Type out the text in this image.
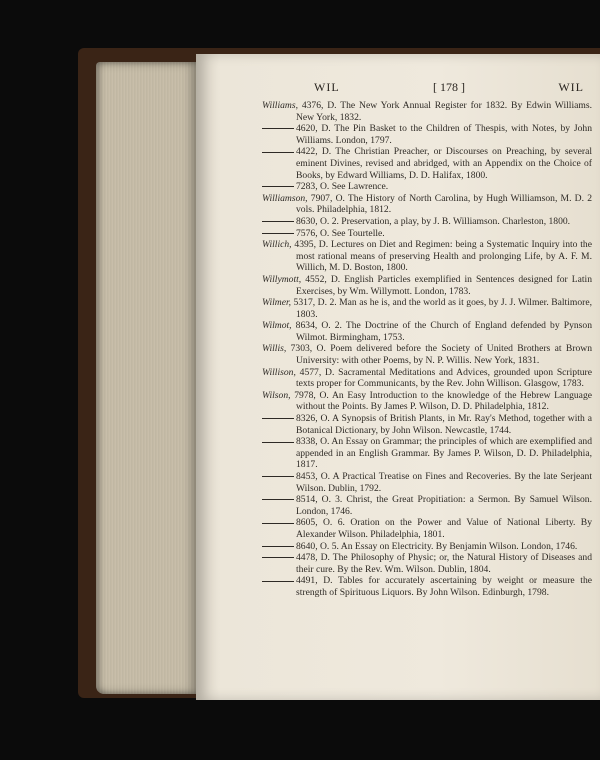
WIL	[ 178 ]	WIL

Williams, 4376, D. The New York Annual Register for 1832. By Edwin Williams. New York, 1832.

4620, D. The Pin Basket to the Children of Thespis, with Notes, by John Williams. London, 1797.

4422, D. The Christian Preacher, or Discourses on Preaching, by several eminent Divines, revised and abridged, with an Appendix on the Choice of Books, by Edward Williams, D. D. Halifax, 1800.

7283, O. See Lawrence.

Williamson, 7907, O. The History of North Carolina, by Hugh Williamson, M. D. 2 vols. Philadelphia, 1812.

8630, O. 2. Preservation, a play, by J. B. Williamson. Charleston, 1800.

7576, O. See Tourtelle.

Willich, 4395, D. Lectures on Diet and Regimen: being a Systematic Inquiry into the most rational means of preserving Health and prolonging Life, by A. F. M. Willich, M. D. Boston, 1800.

Willymott, 4552, D. English Particles exemplified in Sentences designed for Latin Exercises, by Wm. Willymott. London, 1783.

Wilmer, 5317, D. 2. Man as he is, and the world as it goes, by J. J. Wilmer. Baltimore, 1803.

Wilmot, 8634, O. 2. The Doctrine of the Church of England defended by Pynson Wilmot. Birmingham, 1753.

Willis, 7303, O. Poem delivered before the Society of United Brothers at Brown University: with other Poems, by N. P. Willis. New York, 1831.

Willison, 4577, D. Sacramental Meditations and Advices, grounded upon Scripture texts proper for Communicants, by the Rev. John Willison. Glasgow, 1783.

Wilson, 7978, O. An Easy Introduction to the knowledge of the Hebrew Language without the Points. By James P. Wilson, D. D. Philadelphia, 1812.

8326, O. A Synopsis of British Plants, in Mr. Ray's Method, together with a Botanical Dictionary, by John Wilson. Newcastle, 1744.

8338, O. An Essay on Grammar; the principles of which are exemplified and appended in an English Grammar. By James P. Wilson, D. D. Philadelphia, 1817.

8453, O. A Practical Treatise on Fines and Recoveries. By the late Serjeant Wilson. Dublin, 1792.

8514, O. 3. Christ, the Great Propitiation: a Sermon. By Samuel Wilson. London, 1746.

8605, O. 6. Oration on the Power and Value of National Liberty. By Alexander Wilson. Philadelphia, 1801.

8640, O. 5. An Essay on Electricity. By Benjamin Wilson. London, 1746.

4478, D. The Philosophy of Physic; or, the Natural History of Diseases and their cure. By the Rev. Wm. Wilson. Dublin, 1804.

4491, D. Tables for accurately ascertaining by weight or measure the strength of Spirituous Liquors. By John Wilson. Edinburgh, 1798.
